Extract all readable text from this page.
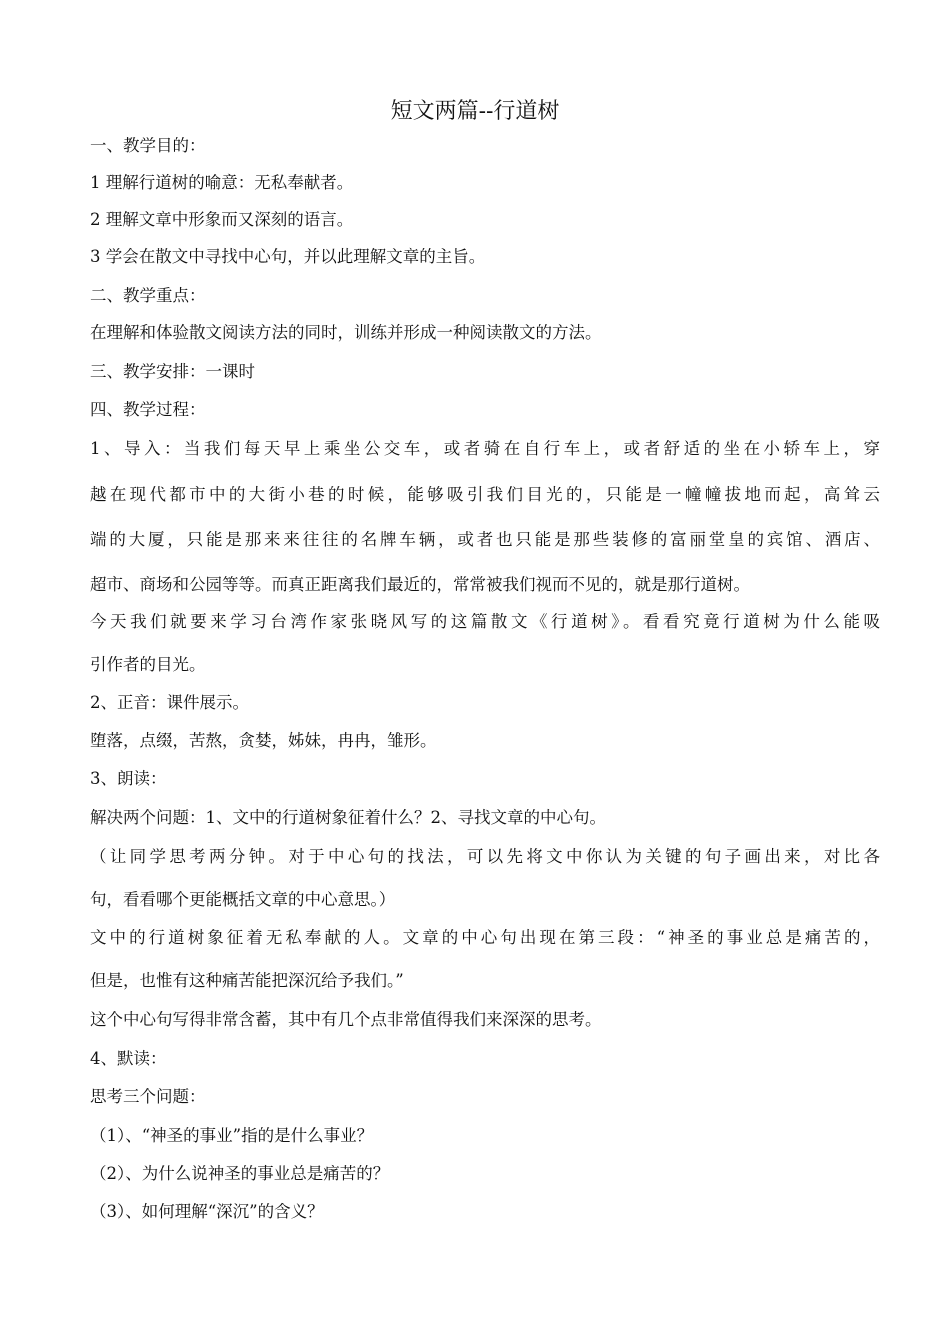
短文两篇--行道树
一、教学目的：
1 理解行道树的喻意：无私奉献者。
2 理解文章中形象而又深刻的语言。
3 学会在散文中寻找中心句，并以此理解文章的主旨。
二、教学重点：
在理解和体验散文阅读方法的同时，训练并形成一种阅读散文的方法。
三、教学安排：一课时
四、教学过程：
1、导入：当我们每天早上乘坐公交车，或者骑在自行车上，或者舒适的坐在小轿车上，穿
越在现代都市中的大街小巷的时候，能够吸引我们目光的，只能是一幢幢拔地而起，高耸云
端的大厦，只能是那来来往往的名牌车辆，或者也只能是那些装修的富丽堂皇的宾馆、酒店、
超市、商场和公园等等。而真正距离我们最近的，常常被我们视而不见的，就是那行道树。
今天我们就要来学习台湾作家张晓风写的这篇散文《行道树》。看看究竟行道树为什么能吸
引作者的目光。
2、正音：课件展示。
堕落，点缀，苦熬，贪婪，姊妹，冉冉，雏形。
3、朗读：
解决两个问题：1、文中的行道树象征着什么？2、寻找文章的中心句。
（让同学思考两分钟。对于中心句的找法，可以先将文中你认为关键的句子画出来，对比各
句，看看哪个更能概括文章的中心意思。）
文中的行道树象征着无私奉献的人。文章的中心句出现在第三段：“神圣的事业总是痛苦的，
但是，也惟有这种痛苦能把深沉给予我们。”
这个中心句写得非常含蓄，其中有几个点非常值得我们来深深的思考。
4、默读：
思考三个问题：
（1）、“神圣的事业”指的是什么事业？
（2）、为什么说神圣的事业总是痛苦的？
（3）、如何理解“深沉”的含义？
